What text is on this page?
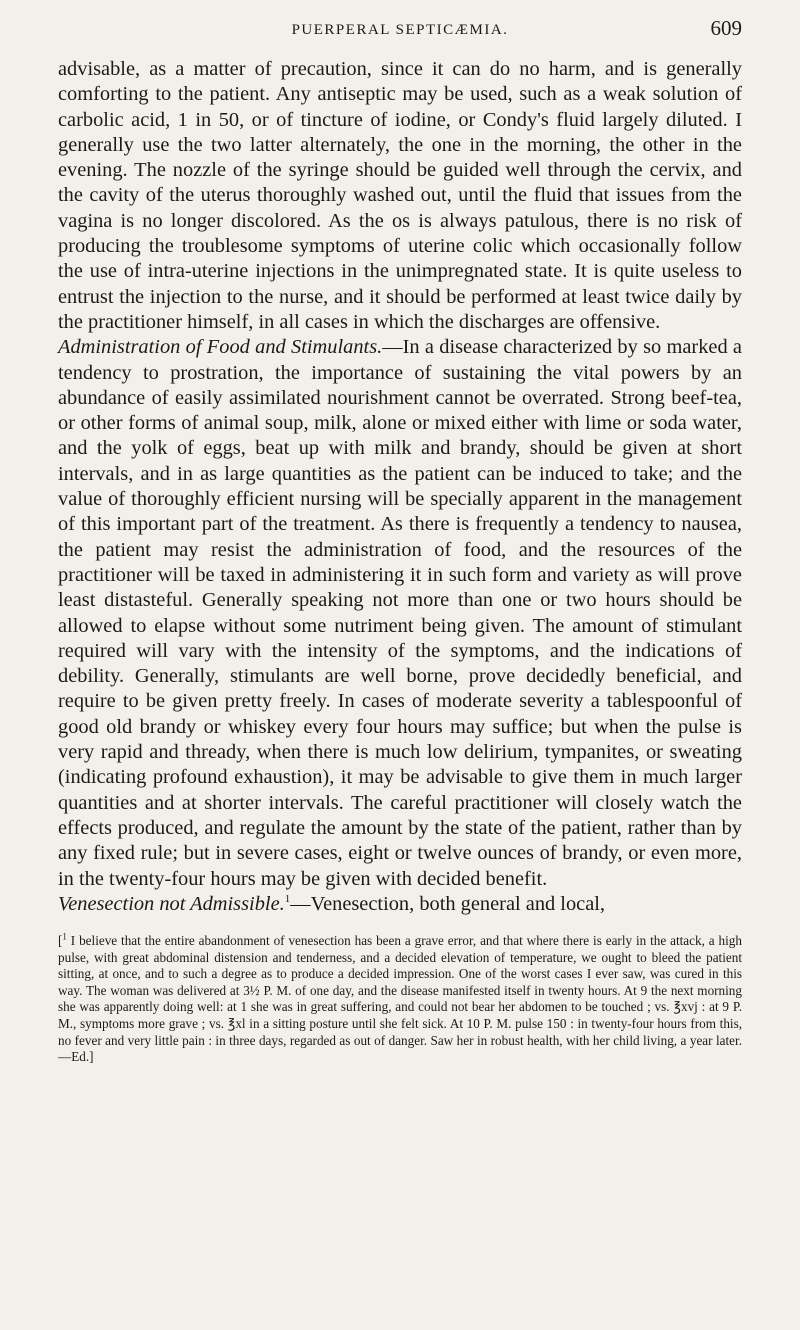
PUERPERAL SEPTICÆMIA.	609

advisable, as a matter of precaution, since it can do no harm, and is generally comforting to the patient. Any antiseptic may be used, such as a weak solution of carbolic acid, 1 in 50, or of tincture of iodine, or Condy's fluid largely diluted. I generally use the two latter alternately, the one in the morning, the other in the evening. The nozzle of the syringe should be guided well through the cervix, and the cavity of the uterus thoroughly washed out, until the fluid that issues from the vagina is no longer discolored. As the os is always patulous, there is no risk of producing the troublesome symptoms of uterine colic which occasionally follow the use of intra-uterine injections in the unimpregnated state. It is quite useless to entrust the injection to the nurse, and it should be performed at least twice daily by the practitioner himself, in all cases in which the discharges are offensive.

Administration of Food and Stimulants.—In a disease characterized by so marked a tendency to prostration, the importance of sustaining the vital powers by an abundance of easily assimilated nourishment cannot be overrated. Strong beef-tea, or other forms of animal soup, milk, alone or mixed either with lime or soda water, and the yolk of eggs, beat up with milk and brandy, should be given at short intervals, and in as large quantities as the patient can be induced to take; and the value of thoroughly efficient nursing will be specially apparent in the management of this important part of the treatment. As there is frequently a tendency to nausea, the patient may resist the administration of food, and the resources of the practitioner will be taxed in administering it in such form and variety as will prove least distasteful. Generally speaking not more than one or two hours should be allowed to elapse without some nutriment being given. The amount of stimulant required will vary with the intensity of the symptoms, and the indications of debility. Generally, stimulants are well borne, prove decidedly beneficial, and require to be given pretty freely. In cases of moderate severity a tablespoonful of good old brandy or whiskey every four hours may suffice; but when the pulse is very rapid and thready, when there is much low delirium, tympanites, or sweating (indicating profound exhaustion), it may be advisable to give them in much larger quantities and at shorter intervals. The careful practitioner will closely watch the effects produced, and regulate the amount by the state of the patient, rather than by any fixed rule; but in severe cases, eight or twelve ounces of brandy, or even more, in the twenty-four hours may be given with decided benefit.

Venesection not Admissible.$^1$—Venesection, both general and local,

[$^1$ I believe that the entire abandonment of venesection has been a grave error, and that where there is early in the attack, a high pulse, with great abdominal distension and tenderness, and a decided elevation of temperature, we ought to bleed the patient sitting, at once, and to such a degree as to produce a decided impression. One of the worst cases I ever saw, was cured in this way. The woman was delivered at 3½ P. M. of one day, and the disease manifested itself in twenty hours. At 9 the next morning she was apparently doing well: at 1 she was in great suffering, and could not bear her abdomen to be touched ; vs. ℥xvj : at 9 P. M., symptoms more grave ; vs. ℥xl in a sitting posture until she felt sick. At 10 P. M. pulse 150 : in twenty-four hours from this, no fever and very little pain : in three days, regarded as out of danger. Saw her in robust health, with her child living, a year later.—Ed.]
